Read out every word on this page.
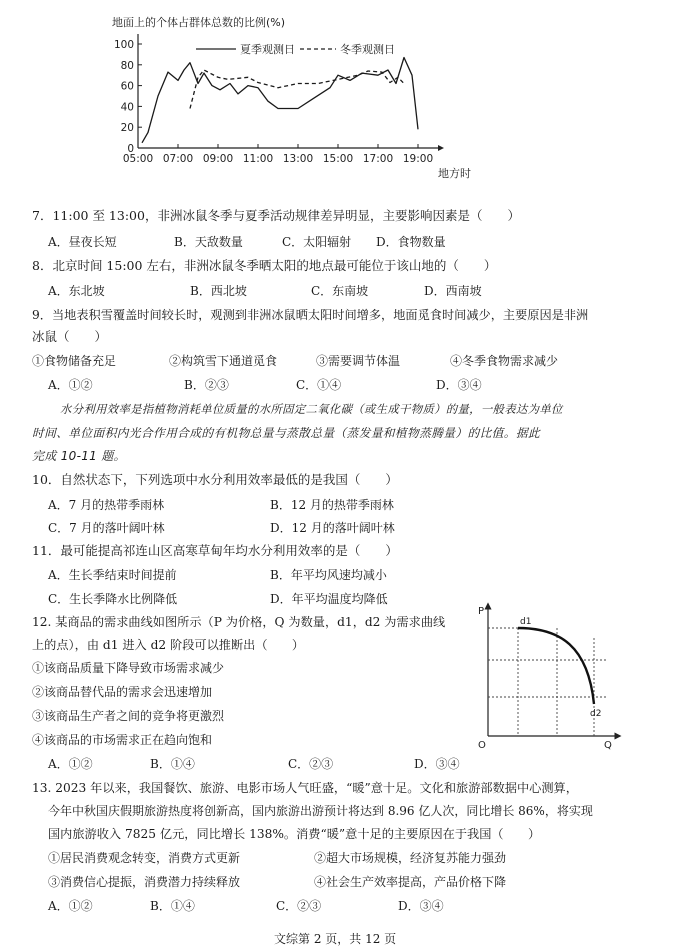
地面上的个体占群体总数的比例(%)
100
80
60
40
20
0
05:00 07:00 09:00 11:00 13:00 15:00 17:00 19:00
夏季观测日	冬季观测日
地方时
7．11:00 至 13:00，非洲冰鼠冬季与夏季活动规律差异明显，主要影响因素是（　　）
A．昼夜长短	B．天敌数量	C．太阳辐射 D．食物数量
8．北京时间 15:00 左右，非洲冰鼠冬季晒太阳的地点最可能位于该山地的（　　）
A．东北坡	B．西北坡	C．东南坡	D．西南坡
9．当地表积雪覆盖时间较长时，观测到非洲冰鼠晒太阳时间增多，地面觅食时间减少，主要原因是非洲
冰鼠（　　）
①食物储备充足	②构筑雪下通道觅食	③需要调节体温	④冬季食物需求减少
A．①②	B．②③	C．①④	D．③④
水分利用效率是指植物消耗单位质量的水所固定二氧化碳（或生成干物质）的量，一般表达为单位
时间、单位面积内光合作用合成的有机物总量与蒸散总量（蒸发量和植物蒸腾量）的比值。据此
完成 10-11 题。
10．自然状态下，下列选项中水分利用效率最低的是我国（　　）
A．7 月的热带季雨林	B．12 月的热带季雨林
C．7 月的落叶阔叶林	D．12 月的落叶阔叶林
11．最可能提高祁连山区高寒草甸年均水分利用效率的是（　　）
A．生长季结束时间提前	B．年平均风速均减小
C．生长季降水比例降低	D．年平均温度均降低
12. 某商品的需求曲线如图所示（P 为价格，Q 为数量，d1，d2 为需求曲线
上的点），由 d1 进入 d2 阶段可以推断出（　　）
①该商品质量下降导致市场需求减少
②该商品替代品的需求会迅速增加
③该商品生产者之间的竞争将更激烈
④该商品的市场需求正在趋向饱和
A．①②	B．①④	C．②③	D．③④
P
Q
O
d1
d2
13. 2023 年以来，我国餐饮、旅游、电影市场人气旺盛，“暖”意十足。文化和旅游部数据中心测算，
今年中秋国庆假期旅游热度将创新高，国内旅游出游预计将达到 8.96 亿人次，同比增长 86%，将实现
国内旅游收入 7825 亿元，同比增长 138%。消费“暖”意十足的主要原因在于我国（　　）
①居民消费观念转变，消费方式更新	②超大市场规模，经济复苏能力强劲
③消费信心提振，消费潜力持续释放	④社会生产效率提高，产品价格下降
A．①②	B．①④	C．②③	D．③④
文综第 2 页，共 12 页
